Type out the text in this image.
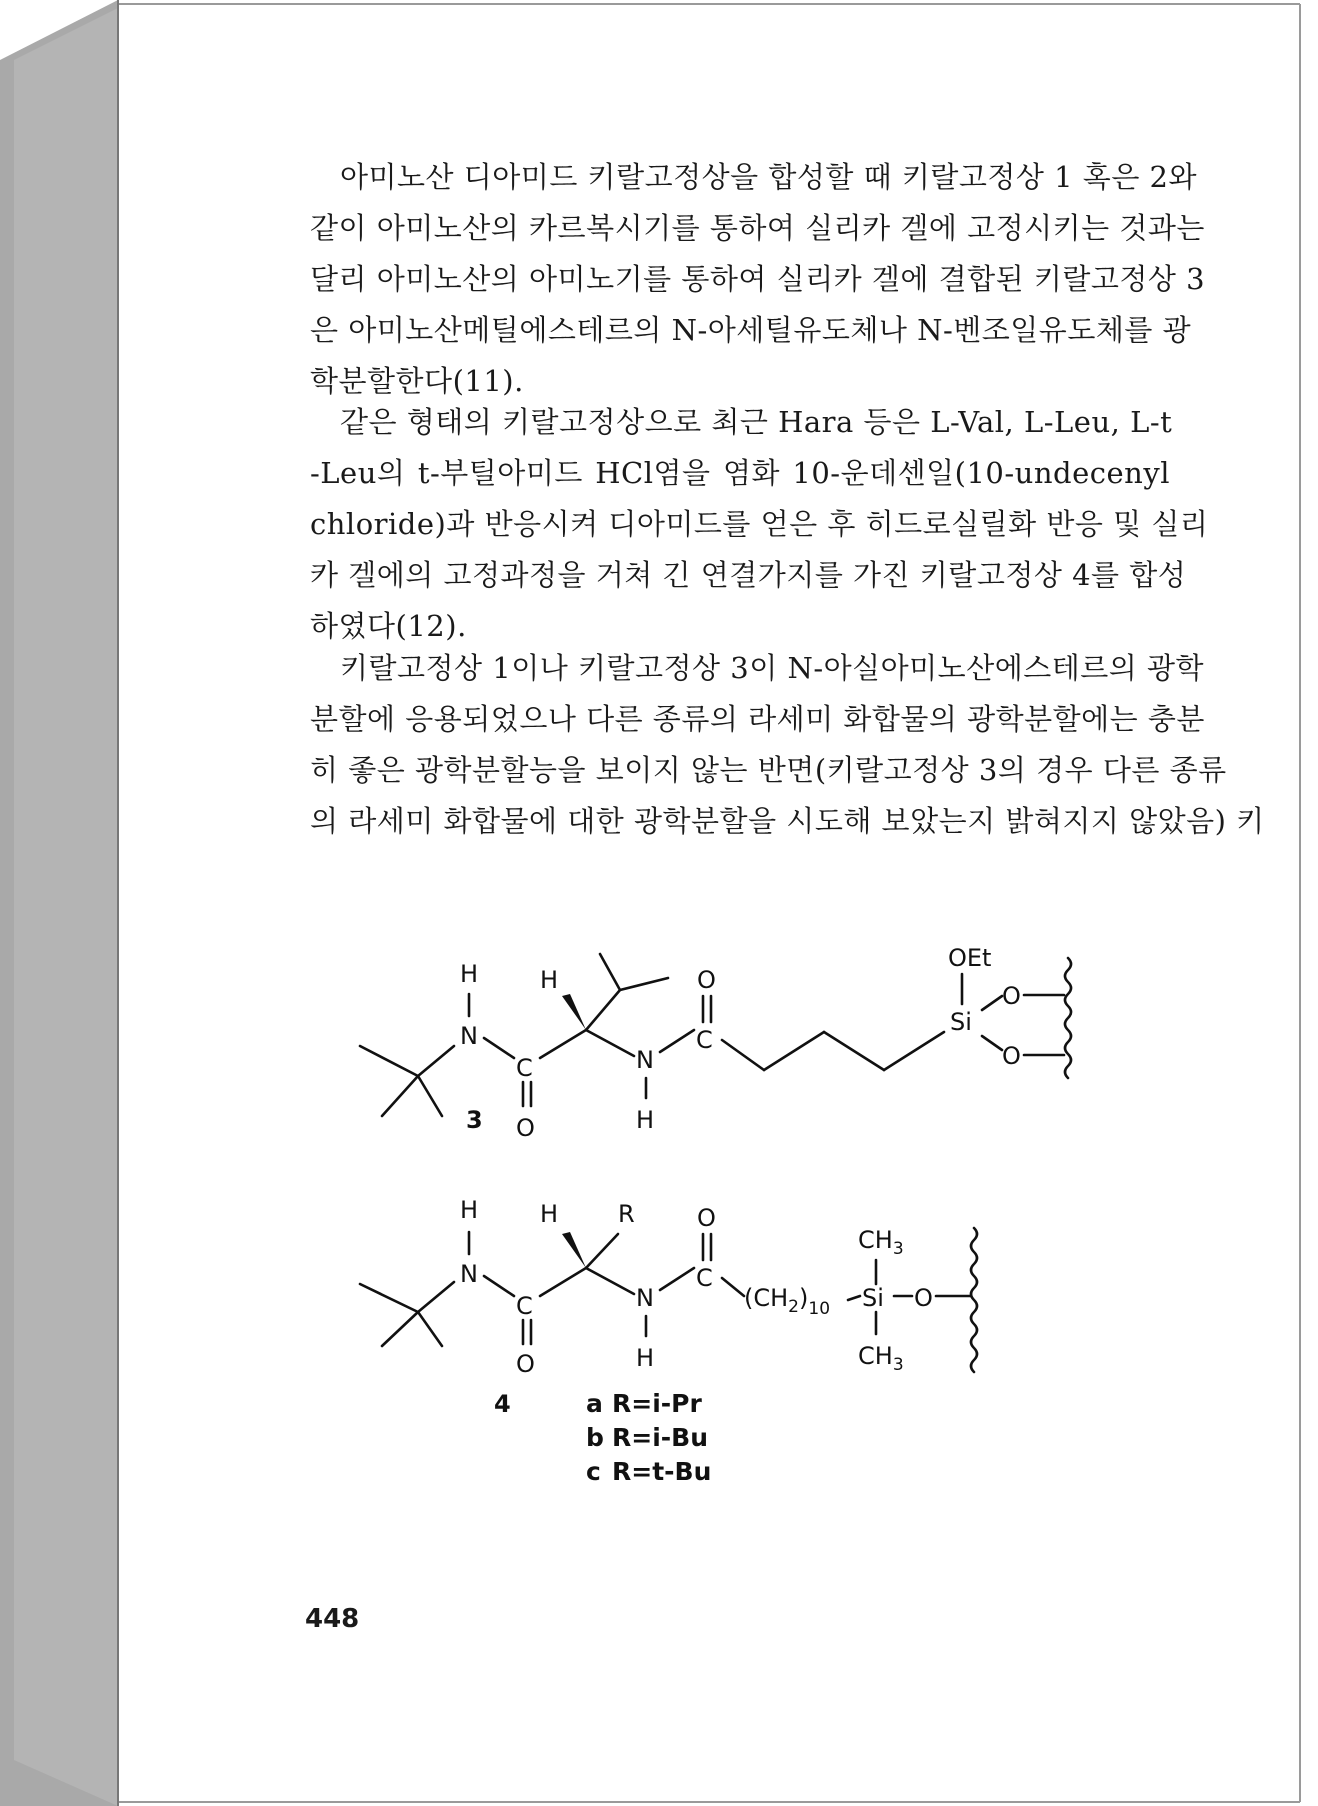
아미노산 디아미드 키랄고정상을 합성할 때 키랄고정상 1 혹은 2와
같이 아미노산의 카르복시기를 통하여 실리카 겔에 고정시키는 것과는
달리 아미노산의 아미노기를 통하여 실리카 겔에 결합된 키랄고정상 3
은 아미노산메틸에스테르의 N-아세틸유도체나 N-벤조일유도체를 광
학분할한다(11).
같은 형태의 키랄고정상으로 최근 Hara 등은 L-Val, L-Leu, L-t
-Leu의 t-부틸아미드 HCl염을 염화 10-운데센일(10-undecenyl
chloride)과 반응시켜 디아미드를 얻은 후 히드로실릴화 반응 및 실리
카 겔에의 고정과정을 거쳐 긴 연결가지를 가진 키랄고정상 4를 합성
하였다(12).
키랄고정상 1이나 키랄고정상 3이 N-아실아미노산에스테르의 광학
분할에 응용되었으나 다른 종류의 라세미 화합물의 광학분할에는 충분
히 좋은 광학분할능을 보이지 않는 반면(키랄고정상 3의 경우 다른 종류
의 라세미 화합물에 대한 광학분할을 시도해 보았는지 밝혀지지 않았음) 키
N
H
C
O
H
N
H
C
O
Si
OEt
O
O
3
N
H
C
O
H R
N
H
C
O
$(CH_2)_{10}$ Si
$CH_3$
$CH_3$
O
4	a R=i-Pr
b R=i-Bu
c R=t-Bu
448
